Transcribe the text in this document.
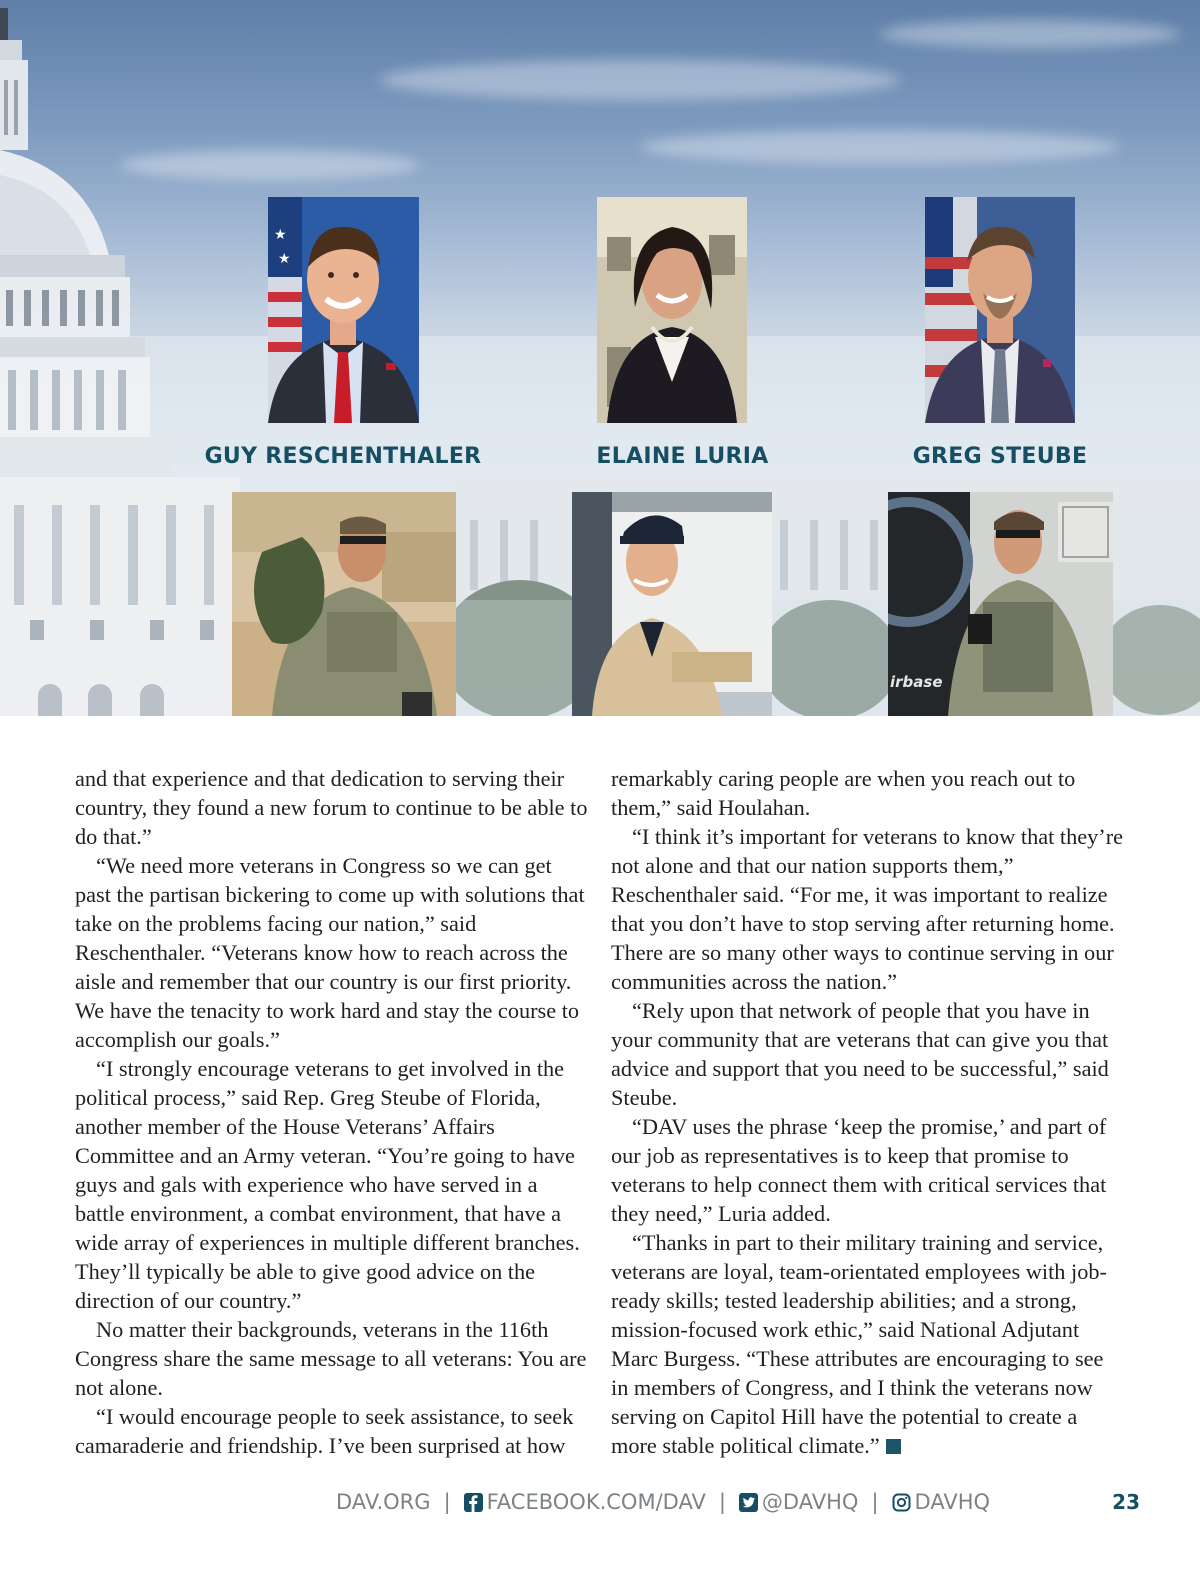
★
★
GUY RESCHENTHALER	ELAINE LURIA	GREG STEUBE
irbase

and that experience and that dedication to serving their country, they found a new forum to continue to be able to do that.”

“We need more veterans in Congress so we can get past the partisan bickering to come up with solutions that take on the problems facing our nation,” said Reschenthaler. “Veterans know how to reach across the aisle and remember that our country is our first priority. We have the tenacity to work hard and stay the course to accomplish our goals.”

“I strongly encourage veterans to get involved in the political process,” said Rep. Greg Steube of Florida, another member of the House Veterans’ Affairs Committee and an Army veteran. “You’re going to have guys and gals with experience who have served in a battle environment, a combat environment, that have a wide array of experiences in multiple different branches. They’ll typically be able to give good advice on the direction of our country.”

No matter their backgrounds, veterans in the 116th Congress share the same message to all veterans: You are not alone.

“I would encourage people to seek assistance, to seek camaraderie and friendship. I’ve been surprised at how

remarkably caring people are when you reach out to them,” said Houlahan.

“I think it’s important for veterans to know that they’re not alone and that our nation supports them,” Reschenthaler said. “For me, it was important to realize that you don’t have to stop serving after returning home. There are so many other ways to continue serving in our communities across the nation.”

“Rely upon that network of people that you have in your community that are veterans that can give you that advice and support that you need to be successful,” said Steube.

“DAV uses the phrase ‘keep the promise,’ and part of our job as representatives is to keep that promise to veterans to help connect them with critical services that they need,” Luria added.

“Thanks in part to their military training and service, veterans are loyal, team-orientated employees with job-ready skills; tested leadership abilities; and a strong, mission-focused work ethic,” said National Adjutant Marc Burgess. “These attributes are encouraging to see in members of Congress, and I think the veterans now serving on Capitol Hill have the potential to create a more stable political climate.”

DAV.ORG | FACEBOOK.COM/DAV | @DAVHQ | DAVHQ	23
